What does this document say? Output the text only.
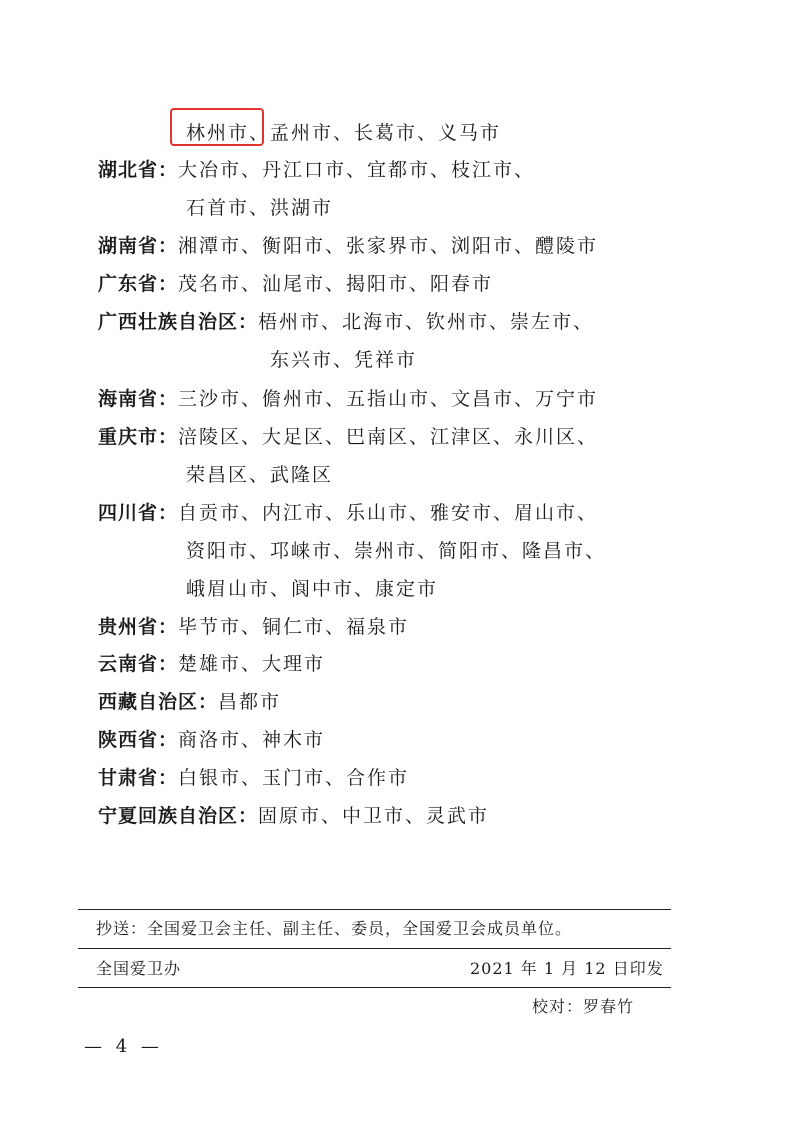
林州市、孟州市、长葛市、义马市
湖北省：大冶市、丹江口市、宜都市、枝江市、
石首市、洪湖市
湖南省：湘潭市、衡阳市、张家界市、浏阳市、醴陵市
广东省：茂名市、汕尾市、揭阳市、阳春市
广西壮族自治区：梧州市、北海市、钦州市、崇左市、
东兴市、凭祥市
海南省：三沙市、儋州市、五指山市、文昌市、万宁市
重庆市：涪陵区、大足区、巴南区、江津区、永川区、
荣昌区、武隆区
四川省：自贡市、内江市、乐山市、雅安市、眉山市、
资阳市、邛崃市、崇州市、简阳市、隆昌市、
峨眉山市、阆中市、康定市
贵州省：毕节市、铜仁市、福泉市
云南省：楚雄市、大理市
西藏自治区：昌都市
陕西省：商洛市、神木市
甘肃省：白银市、玉门市、合作市
宁夏回族自治区：固原市、中卫市、灵武市
抄送：全国爱卫会主任、副主任、委员，全国爱卫会成员单位。
全国爱卫办	2021 年 1 月 12 日印发
校对：罗春竹
— 4 —
